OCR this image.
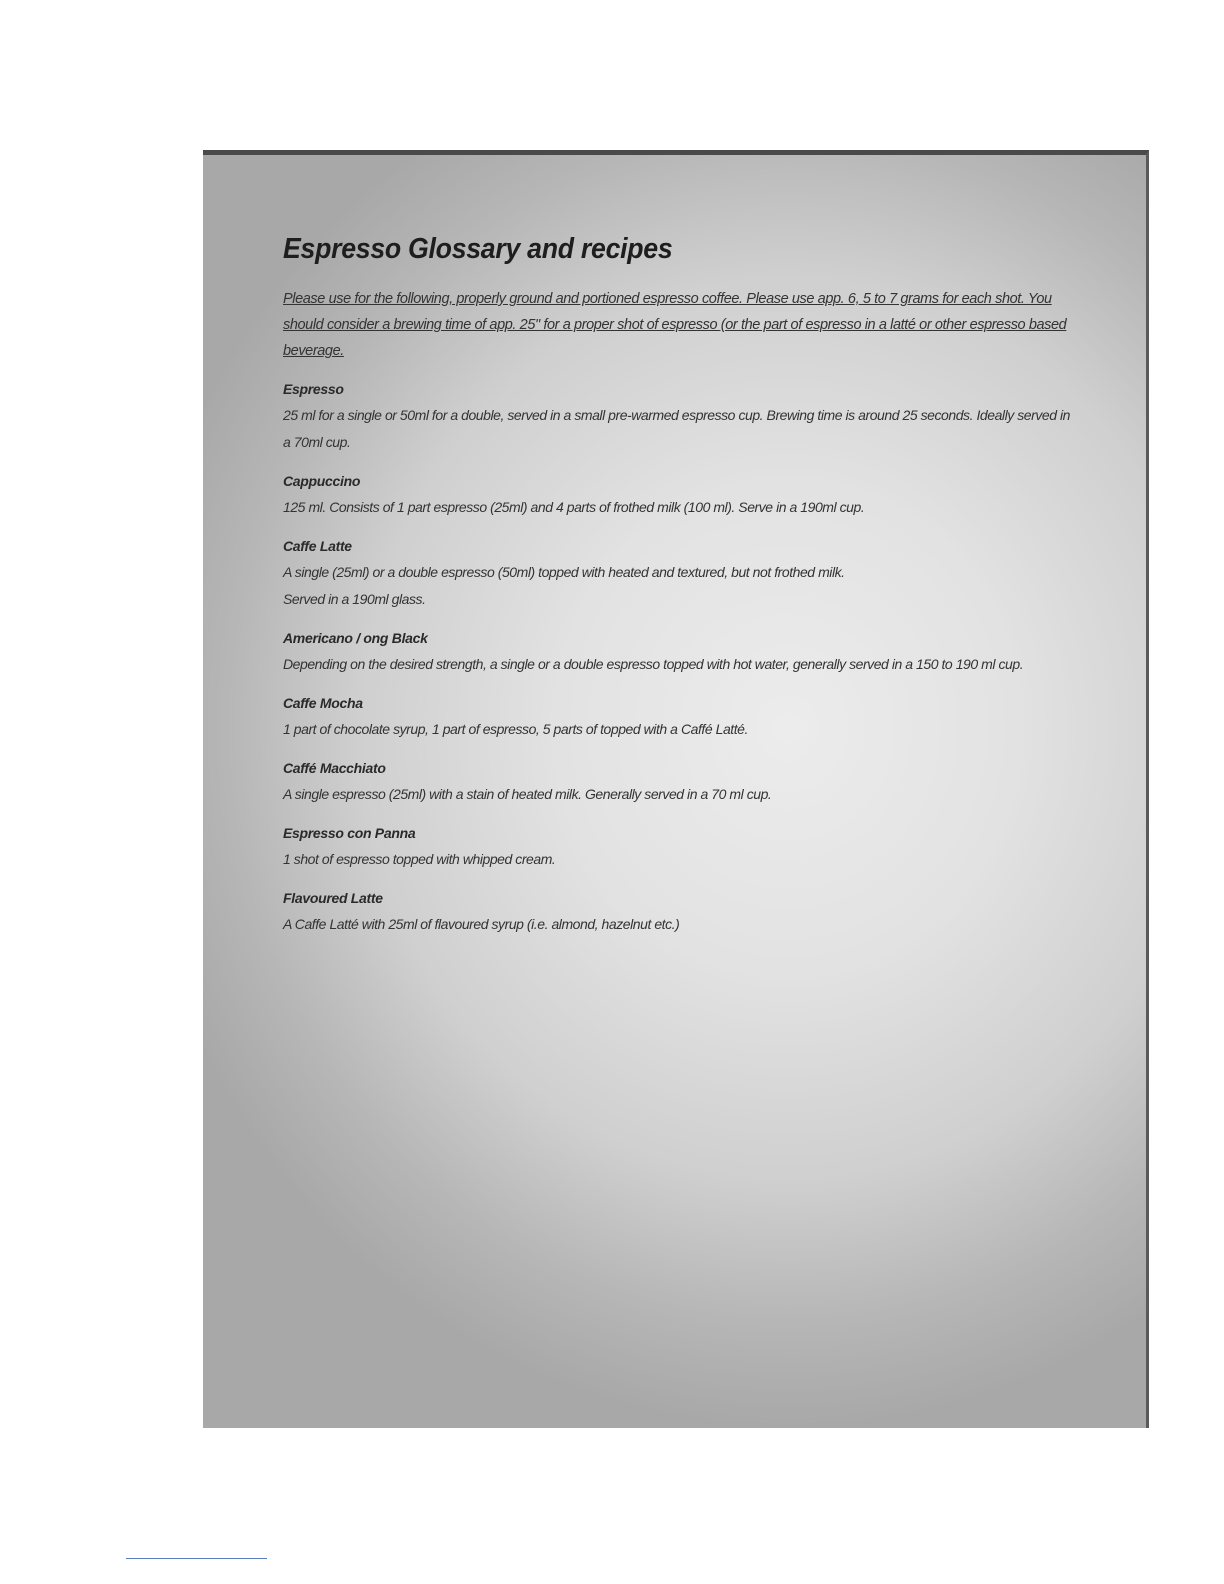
Espresso Glossary and recipes

Please use for the following, properly ground and portioned espresso coffee. Please use app. 6, 5 to 7 grams for each shot. You should consider a brewing time of app. 25" for a proper shot of espresso (or the part of espresso in a latté or other espresso based beverage.

Espresso
25 ml for a single or 50ml for a double, served in a small pre-warmed espresso cup. Brewing time is around 25 seconds. Ideally served in a 70ml cup.
Cappuccino
125 ml. Consists of 1 part espresso (25ml) and 4 parts of frothed milk (100 ml). Serve in a 190ml cup.
Caffe Latte
A single (25ml) or a double espresso (50ml) topped with heated and textured, but not frothed milk.
Served in a 190ml glass.
Americano / ong Black
Depending on the desired strength, a single or a double espresso topped with hot water, generally served in a 150 to 190 ml cup.
Caffe Mocha
1 part of chocolate syrup, 1 part of espresso, 5 parts of topped with a Caffé Latté.
Caffé Macchiato
A single espresso (25ml) with a stain of heated milk. Generally served in a 70 ml cup.
Espresso con Panna
1 shot of espresso topped with whipped cream.
Flavoured Latte
A Caffe Latté with 25ml of flavoured syrup (i.e. almond, hazelnut etc.)
